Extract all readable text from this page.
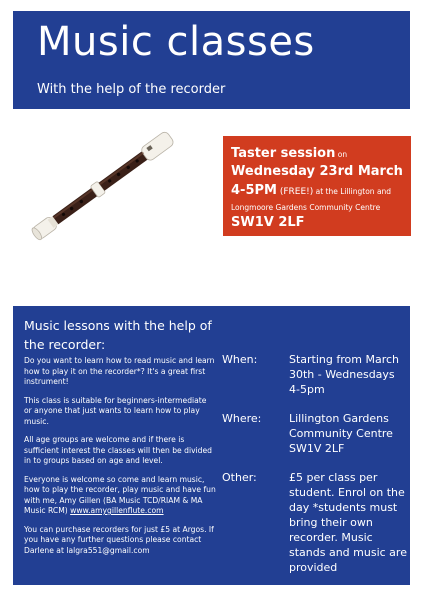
Music classes
With the help of the recorder
Taster session on
Wednesday 23rd March
4-5PM (FREE!) at the Lillington and
Longmoore Gardens Community Centre
SW1V 2LF
Music lessons with the help of the recorder:

Do you want to learn how to read music and learn how to play it on the recorder*? It's a great first instrument!

This class is suitable for beginners-intermediate or anyone that just wants to learn how to play music.

All age groups are welcome and if there is sufficient interest the classes will then be divided in to groups based on age and level.

Everyone is welcome so come and learn music, how to play the recorder, play music and have fun with me, Amy Gillen (BA Music TCD/RIAM & MA Music RCM) www.amygillenflute.com

You can purchase recorders for just £5 at Argos. If you have any further questions please contact Darlene at lalgra551@gmail.com

When:	Starting from March 30th - Wednesdays 4-5pm
Where:	Lillington Gardens Community Centre SW1V 2LF
Other:	£5 per class per student. Enrol on the day *students must bring their own recorder. Music stands and music are provided
